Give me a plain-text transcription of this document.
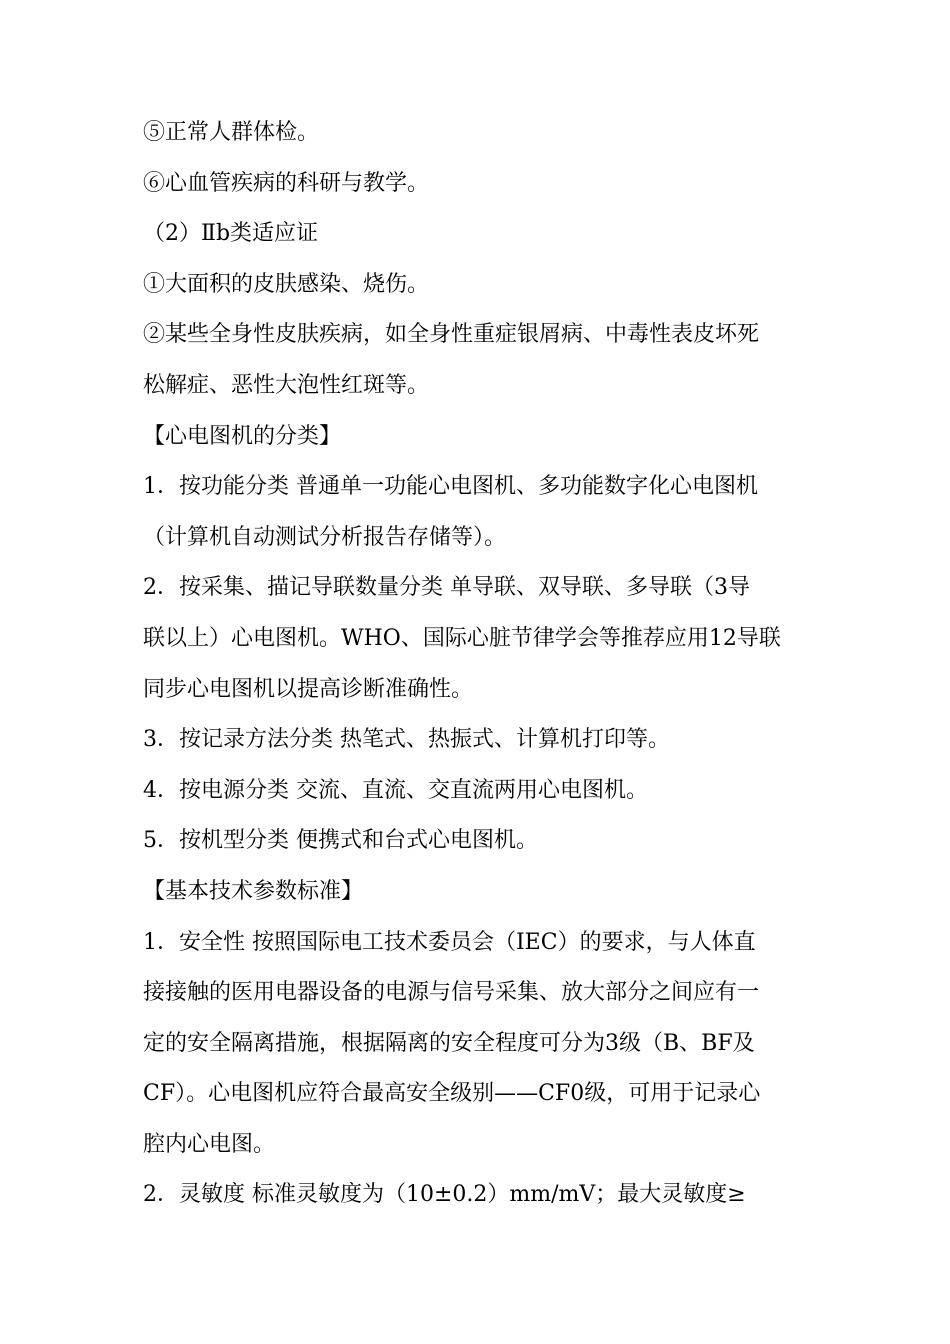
⑤正常人群体检。
⑥心血管疾病的科研与教学。
（2）Ⅱb类适应证
①大面积的皮肤感染、烧伤。
②某些全身性皮肤疾病，如全身性重症银屑病、中毒性表皮坏死
松解症、恶性大泡性红斑等。
【心电图机的分类】
1．按功能分类 普通单一功能心电图机、多功能数字化心电图机
（计算机自动测试分析报告存储等）。
2．按采集、描记导联数量分类 单导联、双导联、多导联（3导
联以上）心电图机。WHO、国际心脏节律学会等推荐应用12导联
同步心电图机以提高诊断准确性。
3．按记录方法分类 热笔式、热振式、计算机打印等。
4．按电源分类 交流、直流、交直流两用心电图机。
5．按机型分类 便携式和台式心电图机。
【基本技术参数标准】
1．安全性 按照国际电工技术委员会（IEC）的要求，与人体直
接接触的医用电器设备的电源与信号采集、放大部分之间应有一
定的安全隔离措施，根据隔离的安全程度可分为3级（B、BF及
CF）。心电图机应符合最高安全级别——CF0级，可用于记录心
腔内心电图。
2．灵敏度 标准灵敏度为（10±0.2）mm/mV；最大灵敏度≥
